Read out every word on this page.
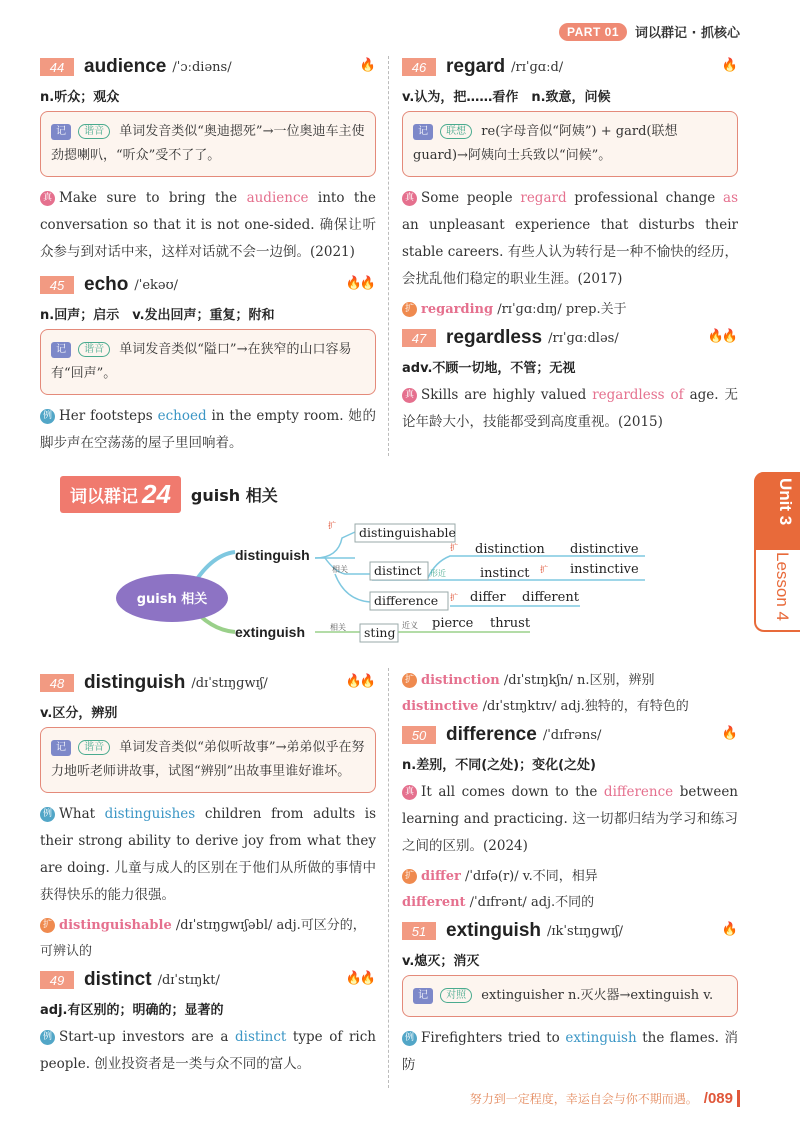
PART 01	词以群记 · 抓核心
44	audience /ˈɔːdiəns/	🔥
n.听众；观众
记 谐音 单词发音类似“奥迪摁死”→一位奥迪车主使劲摁喇叭，“听众”受不了了。
真 Make sure to bring the audience into the conversation so that it is not one-sided. 确保让听众参与到对话中来，这样对话就不会一边倒。(2021)
45	echo /ˈekəʊ/	🔥🔥
n.回声；启示　v.发出回声；重复；附和
记 谐音 单词发音类似“隘口”→在狭窄的山口容易有“回声”。
例 Her footsteps echoed in the empty room. 她的脚步声在空荡荡的屋子里回响着。
46	regard /rɪˈɡɑːd/	🔥
v.认为，把……看作　n.致意，问候
记 联想 re(字母音似“阿姨”) + gard(联想guard)→阿姨向士兵致以“问候”。
真 Some people regard professional change as an unpleasant experience that disturbs their stable careers. 有些人认为转行是一种不愉快的经历，会扰乱他们稳定的职业生涯。(2017)
扩 regarding /rɪˈɡɑːdɪŋ/ prep.关于
47	regardless /rɪˈɡɑːdləs/	🔥🔥
adv.不顾一切地，不管；无视
真 Skills are highly valued regardless of age. 无论年龄大小，技能都受到高度重视。(2015)
词以群记 24 guish 相关
guish 相关
distinguish
extinguish
扩
相关
相关
扩
形近	扩
扩
近义
distinguishable
distinct
difference
sting
distinction distinctive
instinct	instinctive
differ different
pierce thrust
Unit 3
Lesson 4
48	distinguish /dɪˈstɪŋɡwɪʃ/	🔥🔥
v.区分，辨别
记 谐音 单词发音类似“弟似听故事”→弟弟似乎在努力地听老师讲故事，试图“辨别”出故事里谁好谁坏。
例 What distinguishes children from adults is their strong ability to derive joy from what they are doing. 儿童与成人的区别在于他们从所做的事情中获得快乐的能力很强。
扩 distinguishable /dɪˈstɪŋɡwɪʃəbl/ adj.可区分的，可辨认的
49	distinct /dɪˈstɪŋkt/	🔥🔥
adj.有区别的；明确的；显著的
例 Start-up investors are a distinct type of rich people. 创业投资者是一类与众不同的富人。
扩 distinction /dɪˈstɪŋkʃn/ n.区别，辨别
distinctive /dɪˈstɪŋktɪv/ adj.独特的，有特色的
50	difference /ˈdɪfrəns/	🔥
n.差别，不同(之处)；变化(之处)
真 It all comes down to the difference between learning and practicing. 这一切都归结为学习和练习之间的区别。(2024)
扩 differ /ˈdɪfə(r)/ v.不同，相异
different /ˈdɪfrənt/ adj.不同的
51	extinguish /ɪkˈstɪŋɡwɪʃ/	🔥
v.熄灭；消灭
记 对照 extinguisher n.灭火器→extinguish v.
例 Firefighters tried to extinguish the flames. 消防
努力到一定程度，幸运自会与你不期而遇。 /089
